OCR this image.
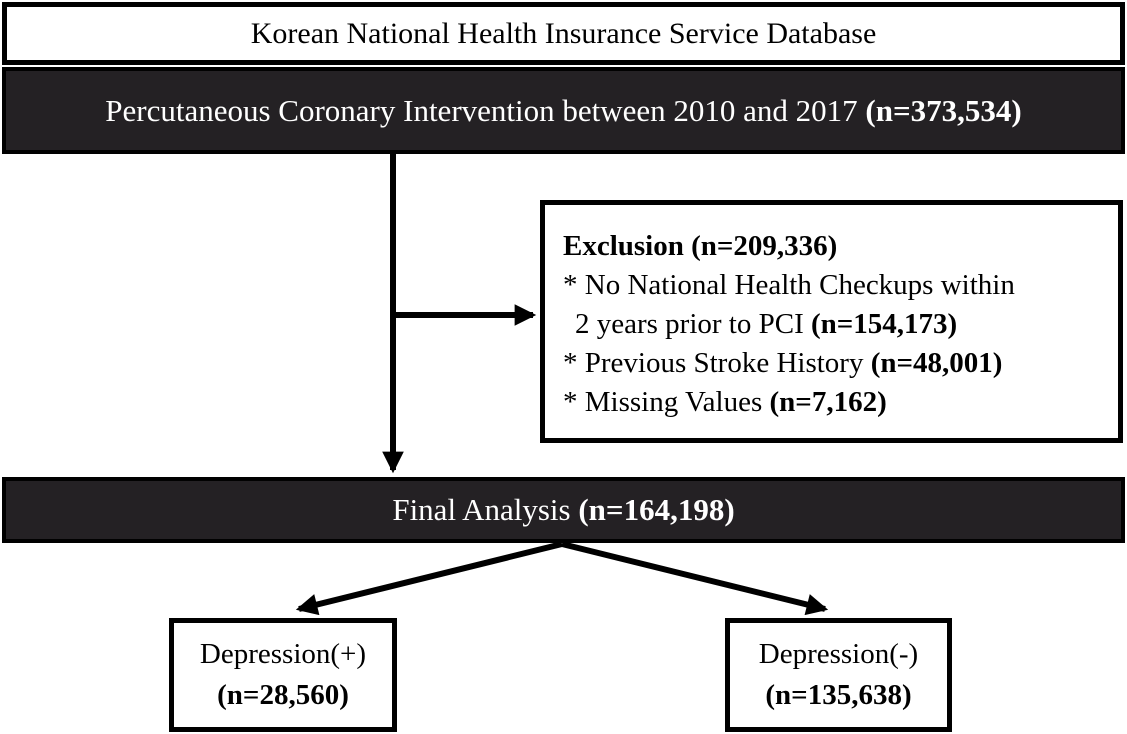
Korean National Health Insurance Service Database
Percutaneous Coronary Intervention between 2010 and 2017 (n=373,534)
Exclusion (n=209,336)
* No National Health Checkups within
2 years prior to PCI (n=154,173)
* Previous Stroke History (n=48,001)
* Missing Values (n=7,162)
Final Analysis (n=164,198)
Depression(+)
(n=28,560)
Depression(-)
(n=135,638)
